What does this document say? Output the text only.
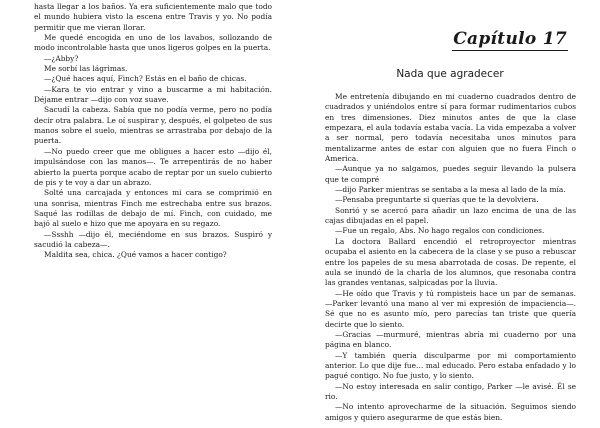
hasta llegar a los baños. Ya era suficientemente malo que todo el mundo hubiera visto la escena entre Travis y yo. No podía permitir que me vieran llorar.

Me quedé encogida en uno de los lavabos, sollozando de modo incontrolable hasta que unos ligeros golpes en la puerta.

—¿Abby?

Me sorbí las lágrimas.

—¿Qué haces aquí, Finch? Estás en el baño de chicas.

—Kara te vio entrar y vino a buscarme a mi habitación. Déjame entrar —dijo con voz suave.

Sacudí la cabeza. Sabía que no podía verme, pero no podía decir otra palabra. Le oí suspirar y, después, el golpeteo de sus manos sobre el suelo, mientras se arrastraba por debajo de la puerta.

—No puedo creer que me obligues a hacer esto —dijo él, impulsándose con las manos—. Te arrepentirás de no haber abierto la puerta porque acabo de reptar por un suelo cubierto de pis y te voy a dar un abrazo.

Solté una carcajada y entonces mi cara se comprimió en una sonrisa, mientras Finch me estrechaba entre sus brazos. Saqué las rodillas de debajo de mí. Finch, con cuidado, me bajó al suelo e hizo que me apoyara en su regazo.

—Ssshh —dijo él, meciéndome en sus brazos. Suspiró y sacudió la cabeza—.

Maldita sea, chica. ¿Qué vamos a hacer contigo?

Capítulo 17
Nada que agradecer

Me entretenía dibujando en mi cuaderno cuadrados dentro de cuadrados y uniéndolos entre sí para formar rudimentarios cubos en tres dimensiones. Diez minutos antes de que la clase empezara, el aula todavía estaba vacía. La vida empezaba a volver a ser normal, pero todavía necesitaba unos minutos para mentalizarme antes de estar con alguien que no fuera Finch o America.

—Aunque ya no salgamos, puedes seguir llevando la pulsera que te compré

—dijo Parker mientras se sentaba a la mesa al lado de la mía.

—Pensaba preguntarte si querías que te la devolviera.

Sonrió y se acercó para añadir un lazo encima de una de las cajas dibujadas en el papel.

—Fue un regalo, Abs. No hago regalos con condiciones.

La doctora Ballard encendió el retroproyector mientras ocupaba el asiento en la cabecera de la clase y se puso a rebuscar entre los papeles de su mesa abarrotada de cosas. De repente, el aula se inundó de la charla de los alumnos, que resonaba contra las grandes ventanas, salpicadas por la lluvia.

—He oído que Travis y tú rompisteis hace un par de semanas. —Parker levantó una mano al ver mi expresión de impaciencia—. Sé que no es asunto mío, pero parecías tan triste que quería decirte que lo siento.

—Gracias —murmuré, mientras abría mi cuaderno por una página en blanco.

—Y también quería disculparme por mi comportamiento anterior. Lo que dije fue… mal educado. Pero estaba enfadado y lo pagué contigo. No fue justo, y lo siento.

—No estoy interesada en salir contigo, Parker —le avisé. Él se rio.

—No intento aprovecharme de la situación. Seguimos siendo amigos y quiero asegurarme de que estás bien.
